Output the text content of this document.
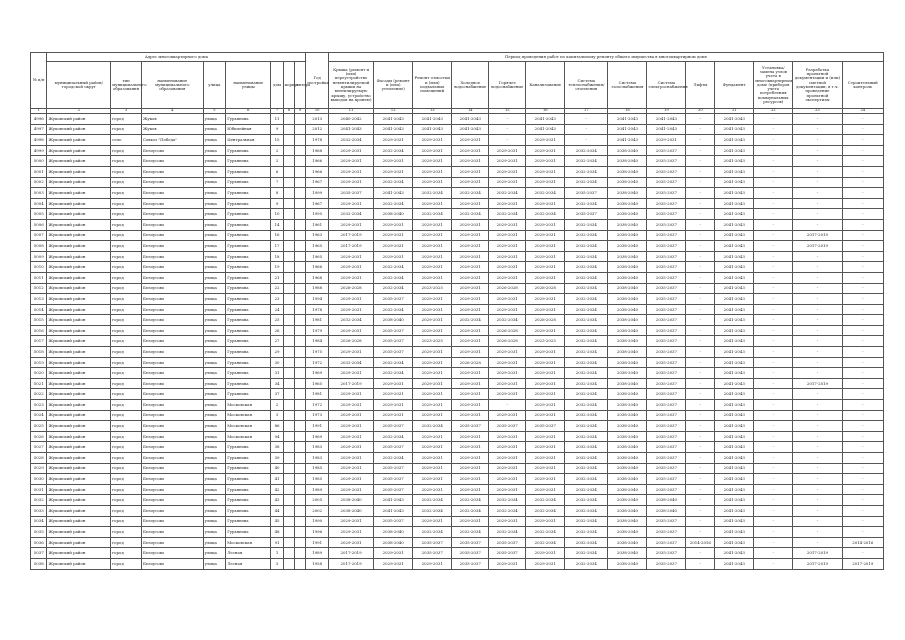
№ п/п	Адрес многоквартирного дома								Год постройки	Период проведения работ по капитальному ремонту общего имущества в многоквартирном доме													
	муниципальный район/городской округ	тип муниципального образования	наименование муниципального образования	улица	наименование улицы	дом	корпус	литера		Крыша (ремонт и (или) переустройство невентилируемой крыши на вентилируемую крышу, устройство выходов на кровлю)	Фасады (ремонт и (или) утепление)	Ремонт отмостки и (или) подвальных помещений	Холодное водоснабжение	Горячее водоснабжение	Канализование	Система теплоснабжения/отопления	Система газоснабжения	Система электроснабжения	Лифты	Фундамент	Установка/ замена узлов учета в многоквартирном доме (приборов учета потребления коммунальных ресурсов)	Разработка проектной документации и (или) сметной документации, в т.ч. проведение проектной экспертизы	Строительный контроль
1	2	3	4	5	6	7	8	9	10	11	12	13	14	15	16	17	18	19	20	21	22	23	24
4996	Жуковский район	город	Жуков	улица	Гурьянова	11			2013	2040-2042	2041-2043	2041-2043	2041-2043	-	2041-2043	-	2041-2043	2041-2043	-	2041-2043	-	-	-
4997	Жуковский район	город	Жуков	улица	Юбилейная	9			2012	2041-2043	2041-2043	2041-2043	2041-2043	-	2041-2043	-	2041-2043	2041-2043	-	2041-2043	-	-	-
4998	Жуковский район	село	Совхоз "Победа"	улица	Центральная	15			1978	2032-2034	2029-2031	2029-2031	2029-2031	-	2029-2031	-	2041-2043	2029-2031	-	2041-2043	-	-	-
4999	Жуковский район	город	Белоусово	улица	Гурьянова	2			1968	2029-2031	2032-2034	2029-2031	2029-2031	2029-2031	2029-2031	2032-2034	2038-2040	2035-2037	-	2041-2043	-	-	-
5000	Жуковский район	город	Белоусово	улица	Гурьянова	2			1966	2029-2031	2029-2031	2029-2031	2029-2031	2029-2031	2029-2031	2032-2034	2038-2040	2035-2037	-	2041-2043	-	-	-
5001	Жуковский район	город	Белоусово	улица	Гурьянова	6			1966	2029-2031	2029-2031	2029-2031	2029-2031	2029-2031	2029-2031	2032-2034	2038-2040	2035-2037	-	2041-2043	-	-	-
5002	Жуковский район	город	Белоусово	улица	Гурьянова	7			1967	2029-2031	2032-2034	2029-2031	2029-2031	2029-2031	2029-2031	2032-2034	2038-2040	2035-2037	-	2041-2043	-	-	-
5003	Жуковский район	город	Белоусово	улица	Гурьянова	8			1999	2035-2037	2041-2043	2032-2034	2032-2034	2032-2034	2032-2034	2035-2037	2038-2040	2035-2037	-	2041-2043	-	-	-
5004	Жуковский район	город	Белоусово	улица	Гурьянова	9			1967	2029-2031	2032-2034	2029-2031	2029-2031	2029-2031	2029-2031	2032-2034	2038-2040	2035-2037	-	2041-2043	-	-	-
5005	Жуковский район	город	Белоусово	улица	Гурьянова	10			1995	2032-2034	2038-2040	2032-2034	2032-2034	2032-2034	2032-2034	2035-2037	2038-2040	2035-2037	-	2041-2043	-	-	-
5006	Жуковский район	город	Белоусово	улица	Гурьянова	14			1961	2029-2031	2029-2031	2029-2031	2029-2031	2029-2031	2029-2031	2032-2034	2038-2040	2035-2037	-	2041-2043	-	-	-
5007	Жуковский район	город	Белоусово	улица	Гурьянова	16			1963	2017-2019	2029-2031	2029-2031	2029-2031	2029-2031	2029-2031	2032-2034	2038-2040	2035-2037	-	2041-2043	-	2017-2019	-
5008	Жуковский район	город	Белоусово	улица	Гурьянова	17			1965	2017-2019	2029-2031	2029-2031	2029-2031	2029-2031	2029-2031	2032-2034	2038-2040	2035-2037	-	2041-2043	-	2017-2019	-
5009	Жуковский район	город	Белоусово	улица	Гурьянова	18			1965	2029-2031	2029-2031	2029-2031	2029-2031	2029-2031	2029-2031	2032-2034	2038-2040	2035-2037	-	2041-2043	-	-	-
5010	Жуковский район	город	Белоусово	улица	Гурьянова	19			1966	2029-2031	2032-2034	2029-2031	2029-2031	2029-2031	2029-2031	2032-2034	2038-2040	2035-2037	-	2041-2043	-	-	-
5011	Жуковский район	город	Белоусово	улица	Гурьянова	21			1968	2029-2031	2032-2034	2029-2031	2029-2031	2029-2031	2029-2031	2032-2034	2038-2040	2035-2037	-	2041-2043	-	-	-
5012	Жуковский район	город	Белоусово	улица	Гурьянова	22			1988	2026-2028	2032-2034	2023-2025	2029-2031	2026-2028	2026-2028	2032-2034	2038-2040	2035-2037	-	2041-2043	-	-	-
5013	Жуковский район	город	Белоусово	улица	Гурьянова	23			1994	2029-2031	2035-2037	2029-2031	2029-2031	2029-2031	2029-2031	2032-2034	2038-2040	2035-2037	-	2041-2043	-	-	-
5014	Жуковский район	город	Белоусово	улица	Гурьянова	24			1978	2029-2031	2032-2034	2029-2031	2029-2031	2029-2031	2029-2031	2032-2034	2038-2040	2035-2037	-	2041-2043	-	-	-
5015	Жуковский район	город	Белоусово	улица	Гурьянова	25			1981	2032-2034	2038-2040	2029-2031	2032-2034	2032-2034	2026-2028	2032-2034	2038-2040	2035-2037	-	2041-2043	-	-	-
5016	Жуковский район	город	Белоусово	улица	Гурьянова	26			1979	2029-2031	2035-2037	2029-2031	2029-2031	2026-2028	2029-2031	2032-2034	2038-2040	2035-2037	-	2041-2043	-	-	-
5017	Жуковский район	город	Белоусово	улица	Гурьянова	27			1984	2026-2028	2035-2037	2023-2025	2029-2031	2026-2028	2023-2025	2032-2034	2038-2040	2035-2037	-	2041-2043	-	-	-
5018	Жуковский район	город	Белоусово	улица	Гурьянова	29			1975	2029-2031	2035-2037	2029-2031	2029-2031	2029-2031	2029-2031	2032-2034	2038-2040	2035-2037	-	2041-2043	-	-	-
5019	Жуковский район	город	Белоусово	улица	Гурьянова	30			1972	2032-2034	2032-2034	2029-2031	2026-2028	2029-2031	2029-2031	2032-2034	2038-2040	2035-2037	-	2041-2043	-	-	-
5020	Жуковский район	город	Белоусово	улица	Гурьянова	31			1969	2029-2031	2032-2034	2029-2031	2029-2031	2029-2031	2029-2031	2032-2034	2038-2040	2035-2037	-	2041-2043	-	-	-
5021	Жуковский район	город	Белоусово	улица	Гурьянова	34			1965	2017-2019	2029-2031	2029-2031	2029-2031	2029-2031	2029-2031	2032-2034	2038-2040	2035-2037	-	2041-2043	-	2017-2019	-
5022	Жуковский район	город	Белоусово	улица	Гурьянова	37			1981	2029-2031	2029-2031	2029-2031	2029-2031	2029-2031	2029-2031	2032-2034	2038-2040	2035-2037	-	2041-2043	-	-	-
5023	Жуковский район	город	Белоусово	улица	Московская	2			1972	2029-2031	2029-2031	2029-2031	2029-2031	-	2029-2031	2032-2034	2038-2040	2035-2037	-	2041-2043	-	-	-
5024	Жуковский район	город	Белоусово	улица	Московская	3			1973	2029-2031	2029-2031	2029-2031	2029-2031	2029-2031	2029-2031	2032-2034	2038-2040	2035-2037	-	2041-2043	-	-	-
5025	Жуковский район	город	Белоусово	улица	Московская	86			1991	2029-2031	2035-2037	2032-2034	2035-2037	2035-2037	2035-2037	2032-2034	2038-2040	2035-2037	-	2041-2043	-	-	-
5026	Жуковский район	город	Белоусово	улица	Московская	94			1969	2029-2031	2032-2034	2029-2031	2029-2031	2029-2031	2029-2031	2032-2034	2038-2040	2035-2037	-	2041-2043	-	-	-
5027	Жуковский район	город	Белоусово	улица	Гурьянова	38			1983	2029-2031	2035-2037	2029-2031	2029-2031	2029-2031	2029-2031	2032-2034	2038-2040	2035-2037	-	2041-2043	-	-	-
5028	Жуковский район	город	Белоусово	улица	Гурьянова	39			1983	2029-2031	2032-2034	2029-2031	2029-2031	2029-2031	2029-2031	2032-2034	2038-2040	2035-2037	-	2041-2043	-	-	-
5029	Жуковский район	город	Белоусово	улица	Гурьянова	40			1985	2029-2031	2035-2037	2029-2031	2029-2031	2029-2031	2029-2031	2032-2034	2038-2040	2035-2037	-	2041-2043	-	-	-
5030	Жуковский район	город	Белоусово	улица	Гурьянова	41			1985	2029-2031	2035-2037	2029-2031	2029-2031	2029-2031	2029-2031	2032-2034	2038-2040	2035-2037	-	2041-2043	-	-	-
5031	Жуковский район	город	Белоусово	улица	Гурьянова	42			1989	2029-2031	2035-2037	2029-2031	2029-2031	2029-2031	2029-2031	2032-2034	2038-2040	2035-2037	-	2041-2043	-	-	-
5032	Жуковский район	город	Белоусово	улица	Гурьянова	43			2005	2038-2040	2041-2043	2032-2034	2032-2034	2032-2034	2032-2034	2032-2034	2038-2040	2038-2040	-	2041-2043	-	-	-
5033	Жуковский район	город	Белоусово	улица	Гурьянова	44			2002	2038-2040	2041-2043	2032-2034	2032-2034	2032-2034	2032-2034	2032-2034	2038-2040	2038-2040	-	2041-2043	-	-	-
5034	Жуковский район	город	Белоусово	улица	Гурьянова	45			1990	2029-2031	2035-2037	2029-2031	2029-2031	2029-2031	2029-2031	2032-2034	2038-2040	2035-2037	-	2041-2043	-	-	-
5035	Жуковский район	город	Белоусово	улица	Гурьянова	48			1996	2029-2031	2038-2040	2032-2034	2032-2034	2032-2034	2032-2034	2032-2034	2038-2040	2035-2037	-	2041-2043	-	-	-
5036	Жуковский район	город	Белоусово	улица	Московская	91			1991	2029-2031	2038-2040	2035-2037	2035-2037	2035-2037	2032-2034	2032-2034	2038-2040	2035-2037	2014-2016	2041-2043	-	-	2014-2016
5037	Жуковский район	город	Белоусово	улица	Лесная	1			1989	2017-2019	2029-2031	2035-2037	2035-2037	2035-2037	2029-2031	2032-2034	2038-2040	2035-2037	-	2041-2043	-	2017-2019	-
5038	Жуковский район	город	Белоусово	улица	Лесная	3			1958	2017-2019	2029-2031	2029-2031	2035-2037	2029-2031	2029-2031	2032-2034	2038-2040	2035-2037	-	2041-2043	-	2017-2019	2017-2019
